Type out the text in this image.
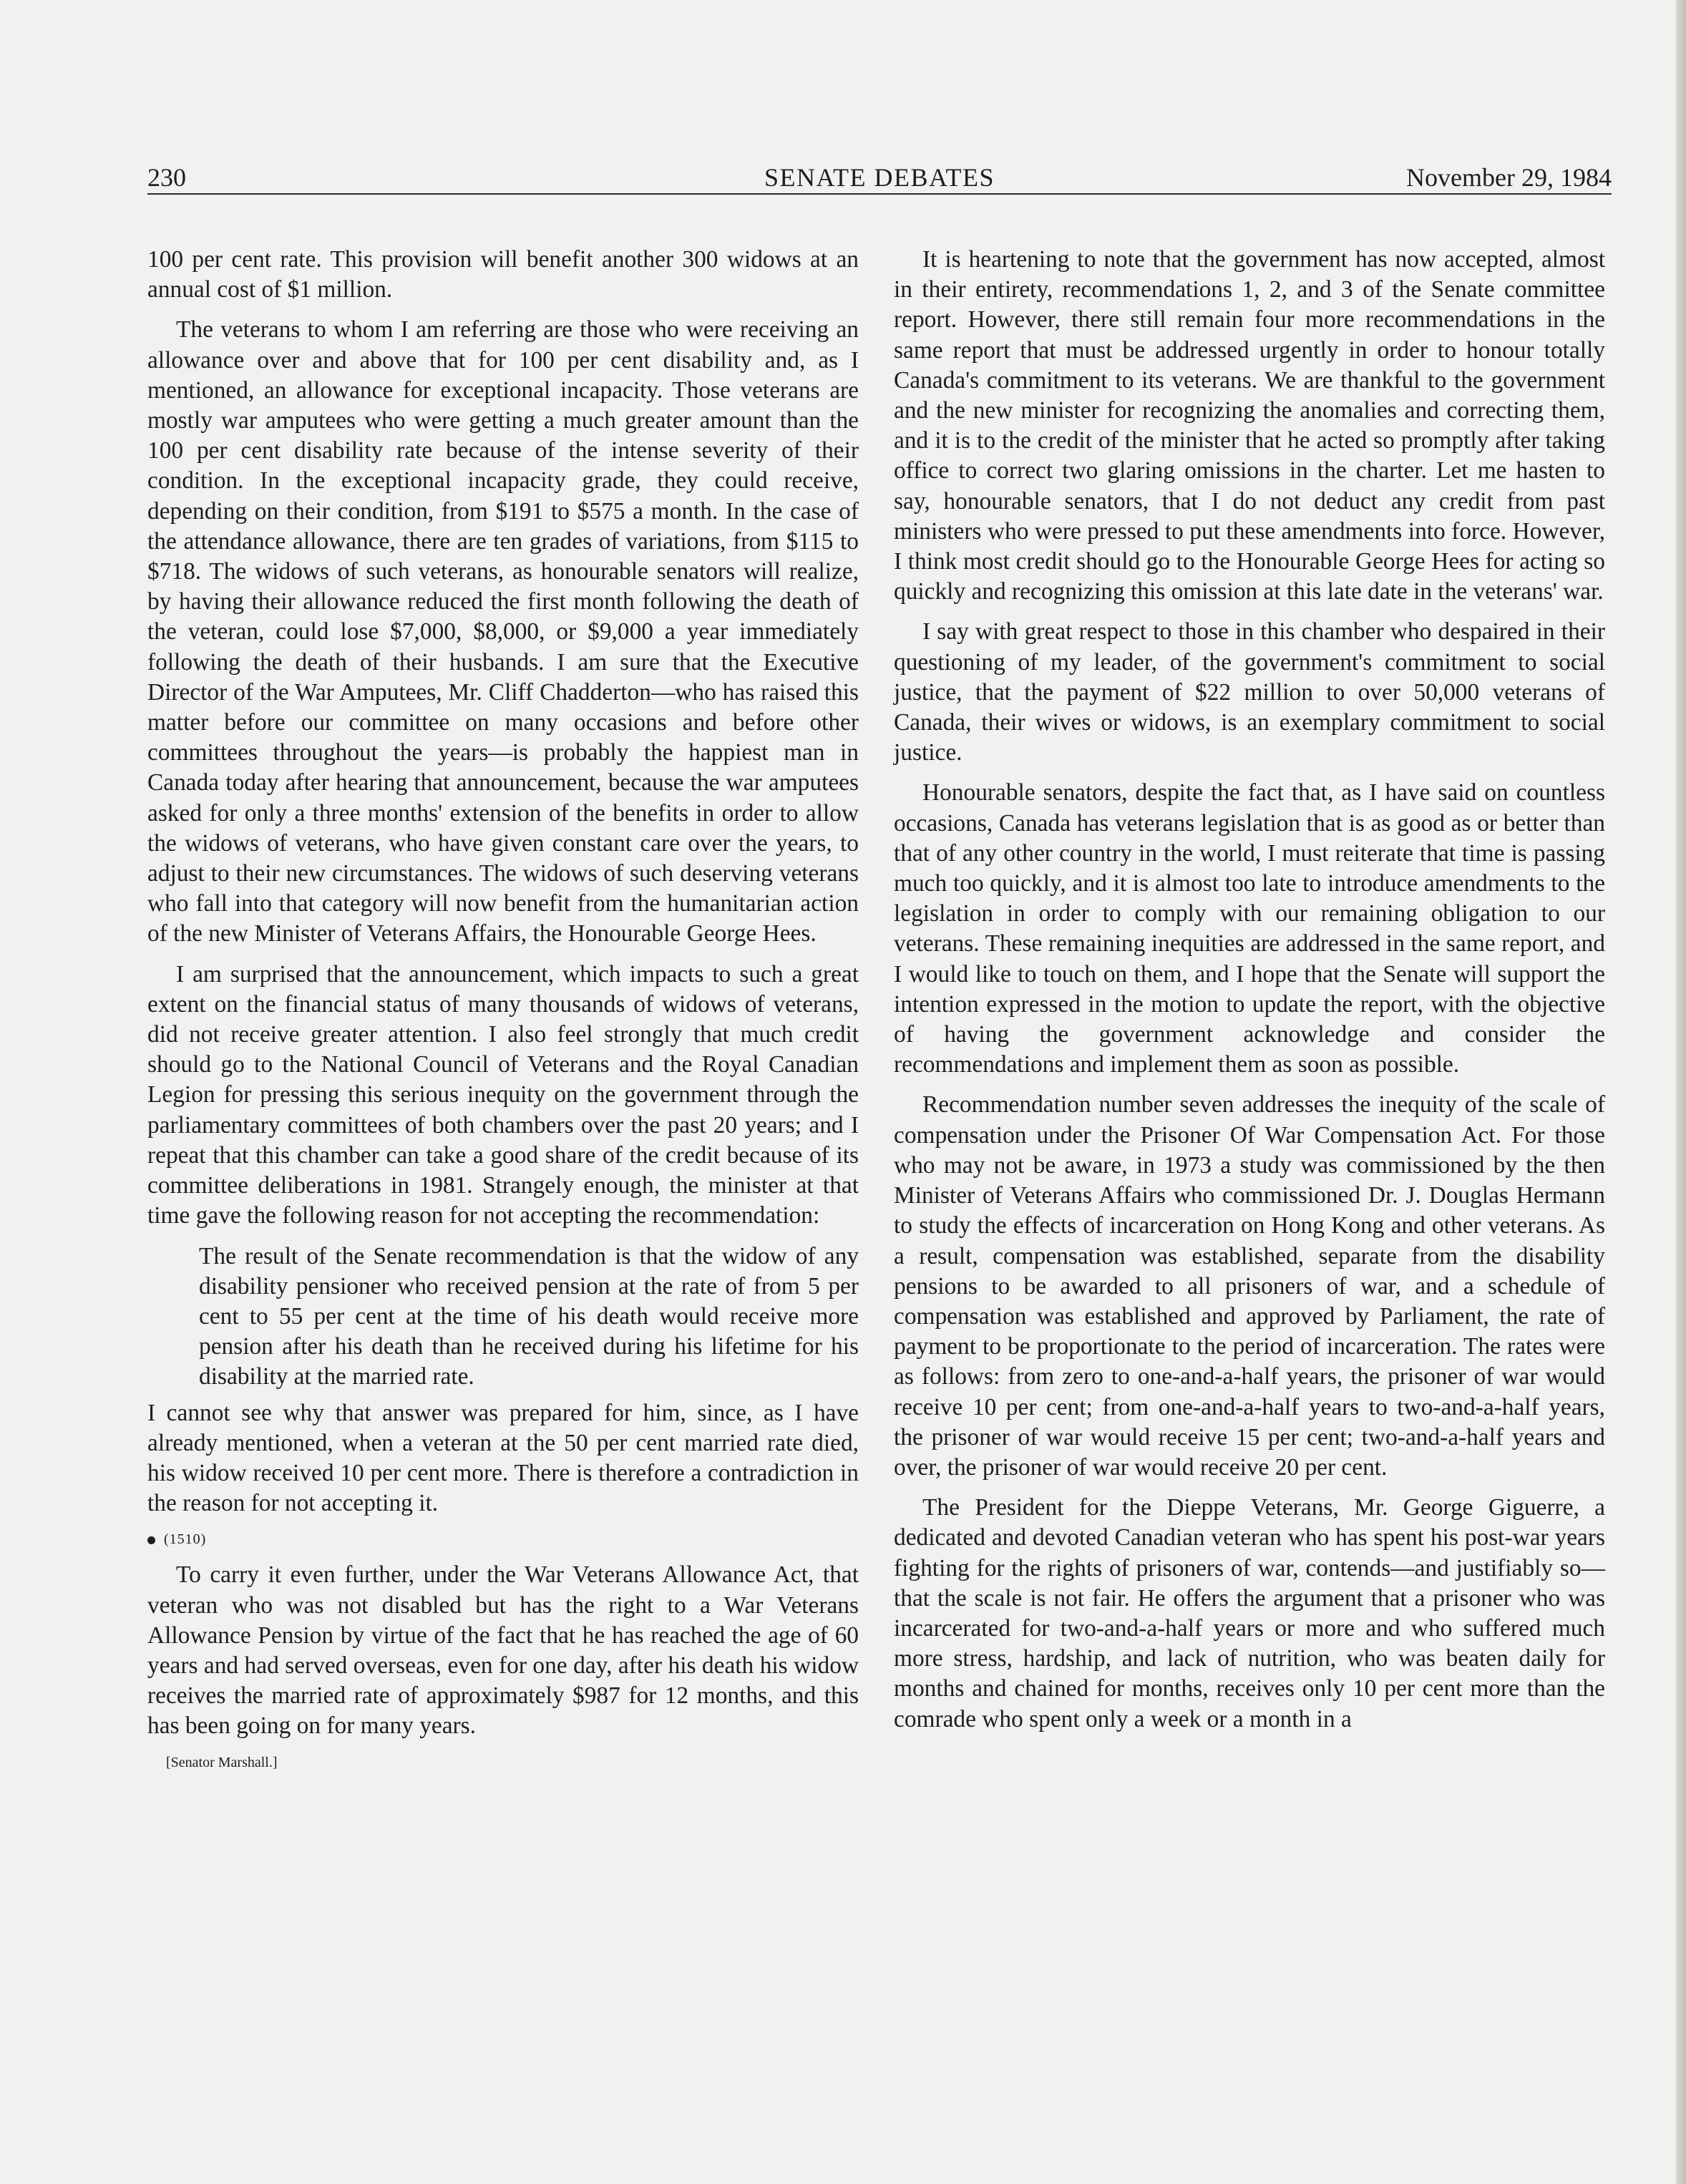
230	SENATE DEBATES	November 29, 1984

100 per cent rate. This provision will benefit another 300 widows at an annual cost of $1 million.

The veterans to whom I am referring are those who were receiving an allowance over and above that for 100 per cent disability and, as I mentioned, an allowance for exceptional incapacity. Those veterans are mostly war amputees who were getting a much greater amount than the 100 per cent disability rate because of the intense severity of their condition. In the exceptional incapacity grade, they could receive, depending on their condition, from $191 to $575 a month. In the case of the attendance allowance, there are ten grades of variations, from $115 to $718. The widows of such veterans, as honourable senators will realize, by having their allowance reduced the first month following the death of the veteran, could lose $7,000, $8,000, or $9,000 a year immediately following the death of their husbands. I am sure that the Executive Director of the War Amputees, Mr. Cliff Chadderton—who has raised this matter before our committee on many occasions and before other committees throughout the years—is probably the happiest man in Canada today after hearing that announcement, because the war amputees asked for only a three months' extension of the benefits in order to allow the widows of veterans, who have given constant care over the years, to adjust to their new circumstances. The widows of such deserving veterans who fall into that category will now benefit from the humanitarian action of the new Minister of Veterans Affairs, the Honourable George Hees.

I am surprised that the announcement, which impacts to such a great extent on the financial status of many thousands of widows of veterans, did not receive greater attention. I also feel strongly that much credit should go to the National Council of Veterans and the Royal Canadian Legion for pressing this serious inequity on the government through the parliamentary committees of both chambers over the past 20 years; and I repeat that this chamber can take a good share of the credit because of its committee deliberations in 1981. Strangely enough, the minister at that time gave the following reason for not accepting the recommendation:

The result of the Senate recommendation is that the widow of any disability pensioner who received pension at the rate of from 5 per cent to 55 per cent at the time of his death would receive more pension after his death than he received during his lifetime for his disability at the married rate.

I cannot see why that answer was prepared for him, since, as I have already mentioned, when a veteran at the 50 per cent married rate died, his widow received 10 per cent more. There is therefore a contradiction in the reason for not accepting it.

(1510)

To carry it even further, under the War Veterans Allowance Act, that veteran who was not disabled but has the right to a War Veterans Allowance Pension by virtue of the fact that he has reached the age of 60 years and had served overseas, even for one day, after his death his widow receives the married rate of approximately $987 for 12 months, and this has been going on for many years.

[Senator Marshall.]

It is heartening to note that the government has now accepted, almost in their entirety, recommendations 1, 2, and 3 of the Senate committee report. However, there still remain four more recommendations in the same report that must be addressed urgently in order to honour totally Canada's commitment to its veterans. We are thankful to the government and the new minister for recognizing the anomalies and correcting them, and it is to the credit of the minister that he acted so promptly after taking office to correct two glaring omissions in the charter. Let me hasten to say, honourable senators, that I do not deduct any credit from past ministers who were pressed to put these amendments into force. However, I think most credit should go to the Honourable George Hees for acting so quickly and recognizing this omission at this late date in the veterans' war.

I say with great respect to those in this chamber who despaired in their questioning of my leader, of the government's commitment to social justice, that the payment of $22 million to over 50,000 veterans of Canada, their wives or widows, is an exemplary commitment to social justice.

Honourable senators, despite the fact that, as I have said on countless occasions, Canada has veterans legislation that is as good as or better than that of any other country in the world, I must reiterate that time is passing much too quickly, and it is almost too late to introduce amendments to the legislation in order to comply with our remaining obligation to our veterans. These remaining inequities are addressed in the same report, and I would like to touch on them, and I hope that the Senate will support the intention expressed in the motion to update the report, with the objective of having the government acknowledge and consider the recommendations and implement them as soon as possible.

Recommendation number seven addresses the inequity of the scale of compensation under the Prisoner Of War Compensation Act. For those who may not be aware, in 1973 a study was commissioned by the then Minister of Veterans Affairs who commissioned Dr. J. Douglas Hermann to study the effects of incarceration on Hong Kong and other veterans. As a result, compensation was established, separate from the disability pensions to be awarded to all prisoners of war, and a schedule of compensation was established and approved by Parliament, the rate of payment to be proportionate to the period of incarceration. The rates were as follows: from zero to one-and-a-half years, the prisoner of war would receive 10 per cent; from one-and-a-half years to two-and-a-half years, the prisoner of war would receive 15 per cent; two-and-a-half years and over, the prisoner of war would receive 20 per cent.

The President for the Dieppe Veterans, Mr. George Giguerre, a dedicated and devoted Canadian veteran who has spent his post-war years fighting for the rights of prisoners of war, contends—and justifiably so—that the scale is not fair. He offers the argument that a prisoner who was incarcerated for two-and-a-half years or more and who suffered much more stress, hardship, and lack of nutrition, who was beaten daily for months and chained for months, receives only 10 per cent more than the comrade who spent only a week or a month in a
